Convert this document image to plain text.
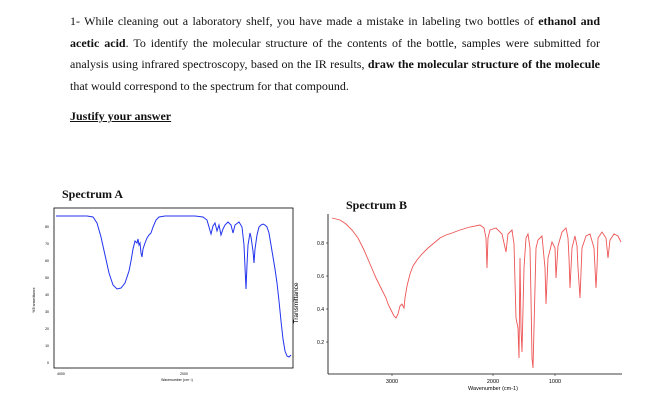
1- While cleaning out a laboratory shelf, you have made a mistake in labeling two bottles of ethanol and acetic acid. To identify the molecular structure of the contents of the bottle, samples were submitted for analysis using infrared spectroscopy, based on the IR results, draw the molecular structure of the molecule that would correspond to the spectrum for that compound.
Justify your answer
Spectrum A
Spectrum B
80
70
60
50
40
30
20
10
0
%Transmittance
4000	2000
Wavenumber (cm⁻¹)
0.8
0.6
0.4
0.2
Transmittance
3000	2000	1000
Wavenumber (cm-1)
